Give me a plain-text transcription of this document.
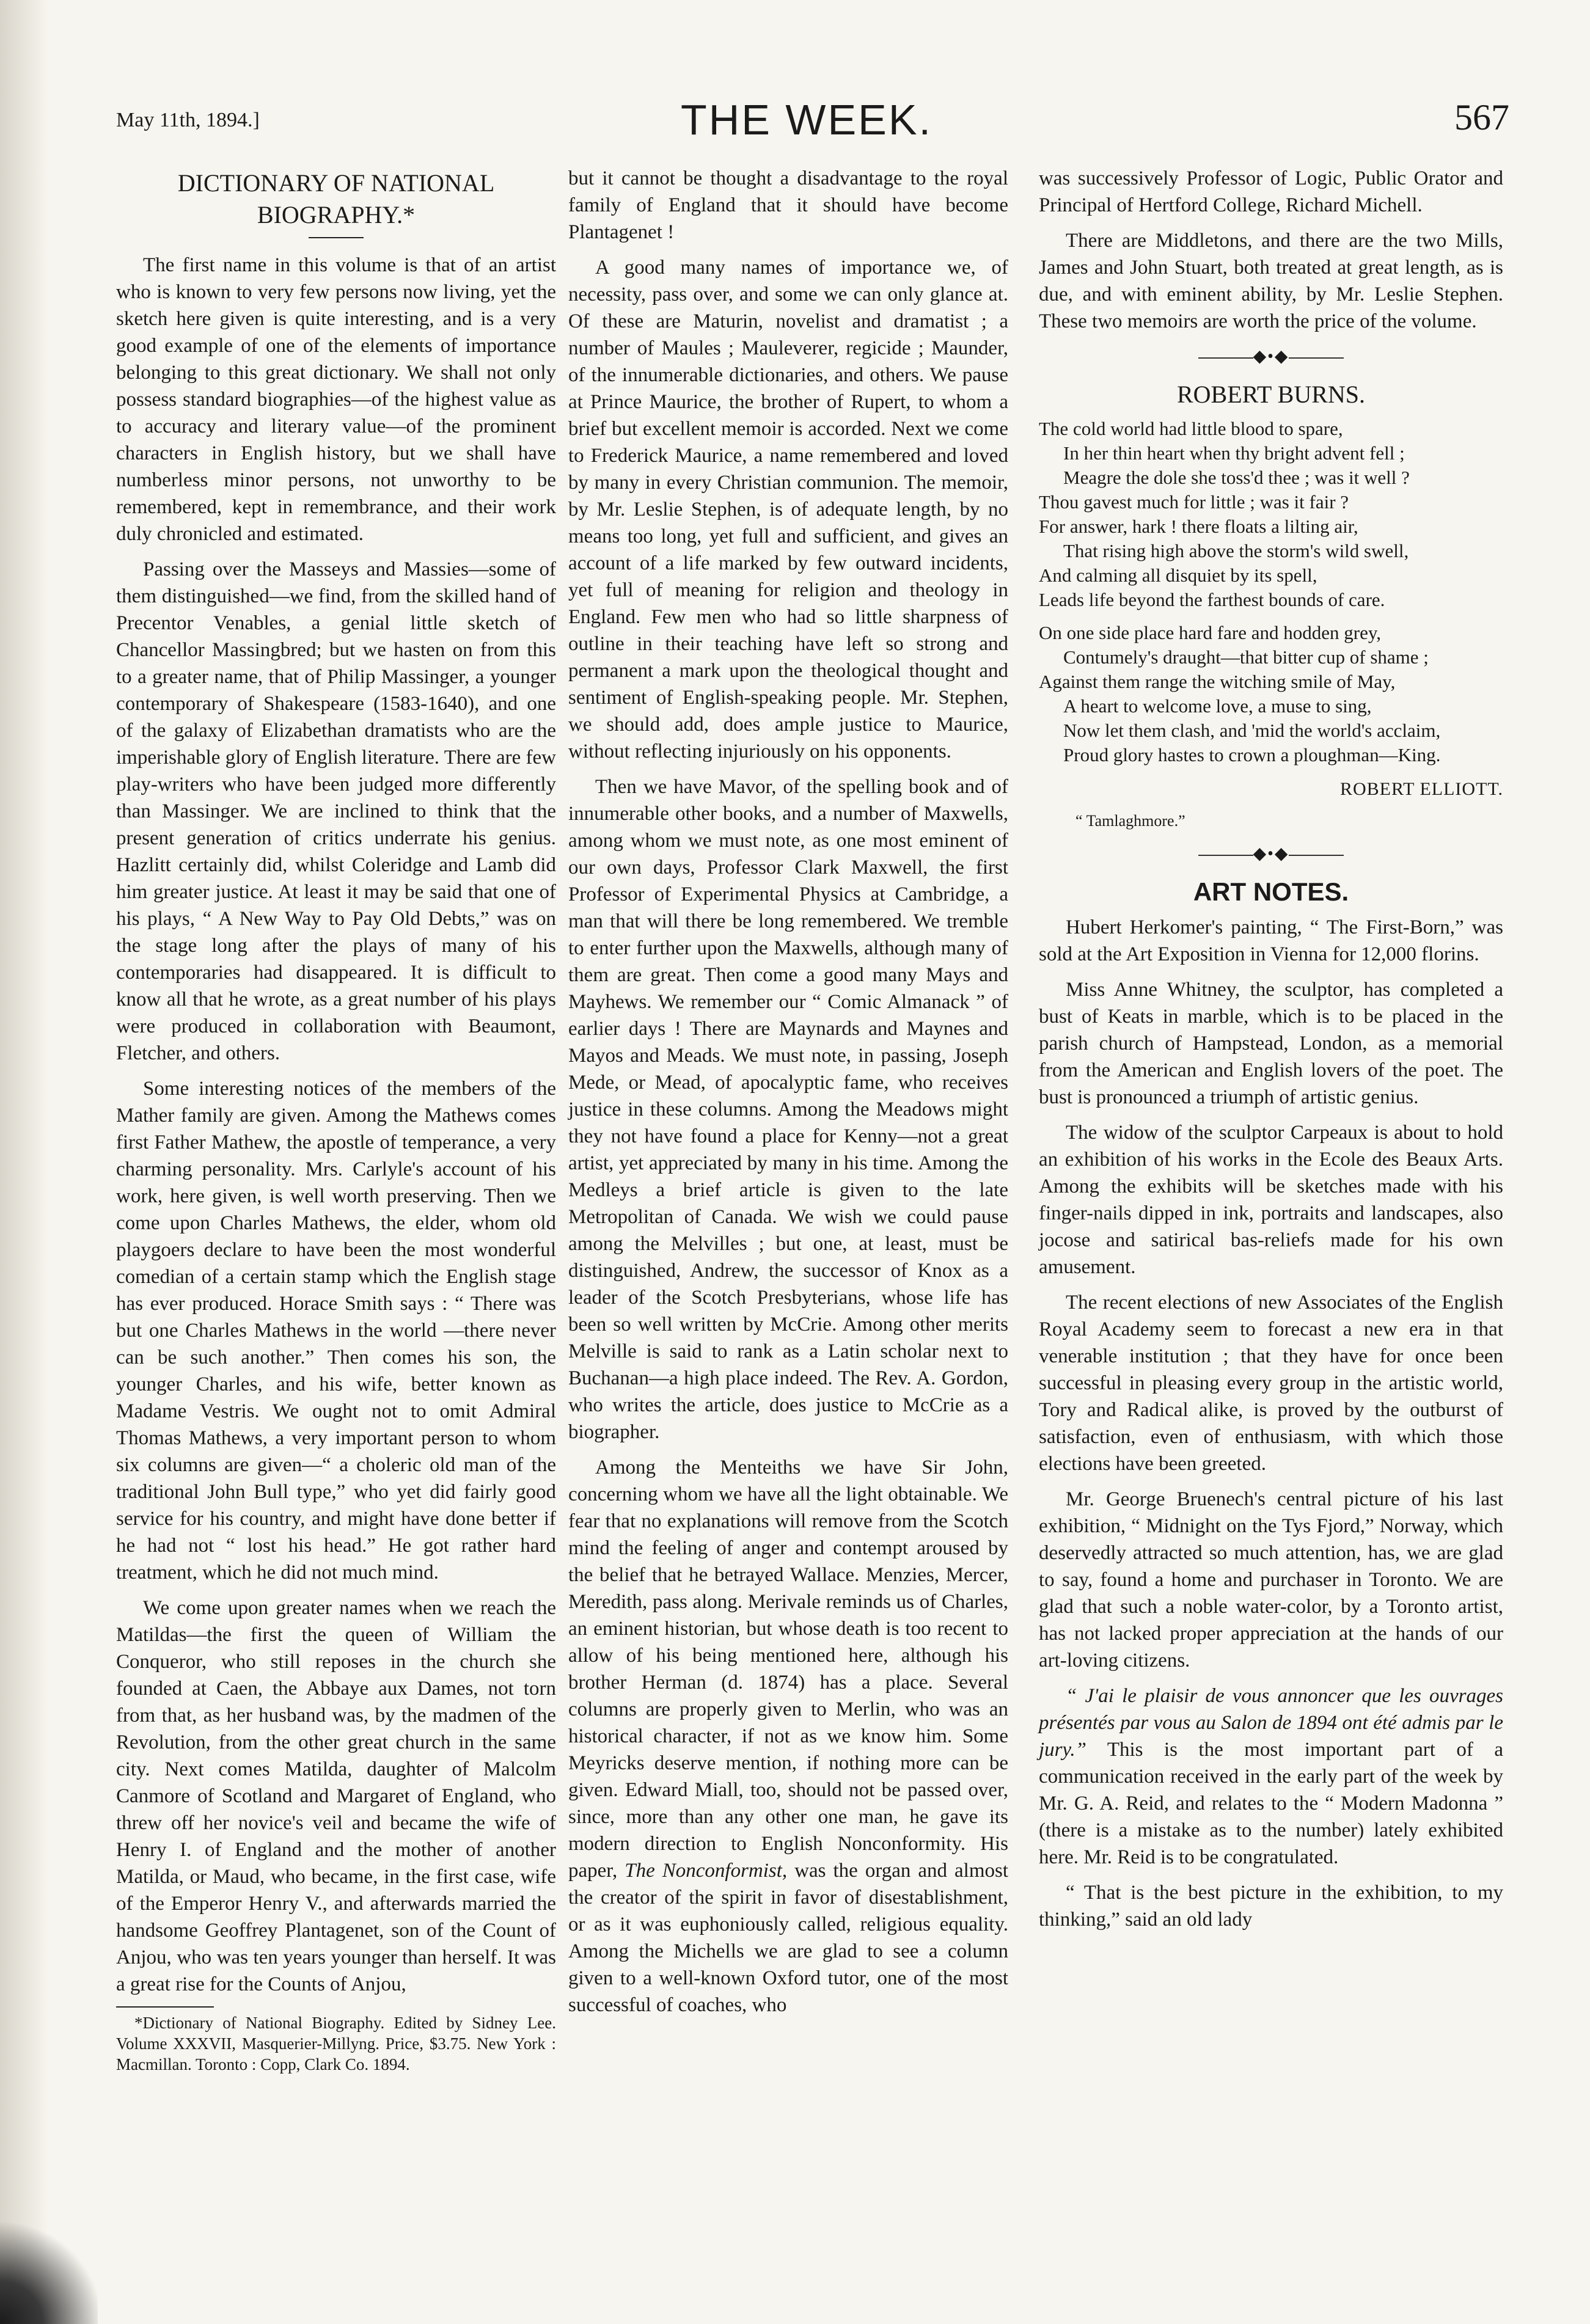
May 11th, 1894.]	THE WEEK.	567
DICTIONARY OF NATIONAL
BIOGRAPHY.*

The first name in this volume is that of an artist who is known to very few persons now living, yet the sketch here given is quite interesting, and is a very good example of one of the elements of importance belonging to this great dictionary. We shall not only possess standard biographies—of the highest value as to accuracy and literary value—of the prominent characters in English history, but we shall have numberless minor persons, not unworthy to be remembered, kept in remembrance, and their work duly chronicled and estimated.

Passing over the Masseys and Massies—some of them distinguished—we find, from the skilled hand of Precentor Venables, a genial little sketch of Chancellor Massingbred; but we hasten on from this to a greater name, that of Philip Massinger, a younger contemporary of Shakespeare (1583-1640), and one of the galaxy of Elizabethan dramatists who are the imperishable glory of English literature. There are few play-writers who have been judged more differently than Massinger. We are inclined to think that the present generation of critics underrate his genius. Hazlitt certainly did, whilst Coleridge and Lamb did him greater justice. At least it may be said that one of his plays, “ A New Way to Pay Old Debts,” was on the stage long after the plays of many of his contemporaries had disappeared. It is difficult to know all that he wrote, as a great number of his plays were produced in collaboration with Beaumont, Fletcher, and others.

Some interesting notices of the members of the Mather family are given. Among the Mathews comes first Father Mathew, the apostle of temperance, a very charming personality. Mrs. Carlyle's account of his work, here given, is well worth preserving. Then we come upon Charles Mathews, the elder, whom old playgoers declare to have been the most wonderful comedian of a certain stamp which the English stage has ever produced. Horace Smith says : “ There was but one Charles Mathews in the world —there never can be such another.” Then comes his son, the younger Charles, and his wife, better known as Madame Vestris. We ought not to omit Admiral Thomas Mathews, a very important person to whom six columns are given—“ a choleric old man of the traditional John Bull type,” who yet did fairly good service for his country, and might have done better if he had not “ lost his head.” He got rather hard treatment, which he did not much mind.

We come upon greater names when we reach the Matildas—the first the queen of William the Conqueror, who still reposes in the church she founded at Caen, the Abbaye aux Dames, not torn from that, as her husband was, by the madmen of the Revolution, from the other great church in the same city. Next comes Matilda, daughter of Malcolm Canmore of Scotland and Margaret of England, who threw off her novice's veil and became the wife of Henry I. of England and the mother of another Matilda, or Maud, who became, in the first case, wife of the Emperor Henry V., and afterwards married the handsome Geoffrey Plantagenet, son of the Count of Anjou, who was ten years younger than herself. It was a great rise for the Counts of Anjou,

*Dictionary of National Biography. Edited by Sidney Lee. Volume XXXVII, Masquerier-Millyng. Price, $3.75. New York : Macmillan. Toronto : Copp, Clark Co. 1894.

but it cannot be thought a disadvantage to the royal family of England that it should have become Plantagenet !

A good many names of importance we, of necessity, pass over, and some we can only glance at. Of these are Maturin, novelist and dramatist ; a number of Maules ; Mauleverer, regicide ; Maunder, of the innumerable dictionaries, and others. We pause at Prince Maurice, the brother of Rupert, to whom a brief but excellent memoir is accorded. Next we come to Frederick Maurice, a name remembered and loved by many in every Christian communion. The memoir, by Mr. Leslie Stephen, is of adequate length, by no means too long, yet full and sufficient, and gives an account of a life marked by few outward incidents, yet full of meaning for religion and theology in England. Few men who had so little sharpness of outline in their teaching have left so strong and permanent a mark upon the theological thought and sentiment of English-speaking people. Mr. Stephen, we should add, does ample justice to Maurice, without reflecting injuriously on his opponents.

Then we have Mavor, of the spelling book and of innumerable other books, and a number of Maxwells, among whom we must note, as one most eminent of our own days, Professor Clark Maxwell, the first Professor of Experimental Physics at Cambridge, a man that will there be long remembered. We tremble to enter further upon the Maxwells, although many of them are great. Then come a good many Mays and Mayhews. We remember our “ Comic Almanack ” of earlier days ! There are Maynards and Maynes and Mayos and Meads. We must note, in passing, Joseph Mede, or Mead, of apocalyptic fame, who receives justice in these columns. Among the Meadows might they not have found a place for Kenny—not a great artist, yet appreciated by many in his time. Among the Medleys a brief article is given to the late Metropolitan of Canada. We wish we could pause among the Melvilles ; but one, at least, must be distinguished, Andrew, the successor of Knox as a leader of the Scotch Presbyterians, whose life has been so well written by McCrie. Among other merits Melville is said to rank as a Latin scholar next to Buchanan—a high place indeed. The Rev. A. Gordon, who writes the article, does justice to McCrie as a biographer.

Among the Menteiths we have Sir John, concerning whom we have all the light obtainable. We fear that no explanations will remove from the Scotch mind the feeling of anger and contempt aroused by the belief that he betrayed Wallace. Menzies, Mercer, Meredith, pass along. Merivale reminds us of Charles, an eminent historian, but whose death is too recent to allow of his being mentioned here, although his brother Herman (d. 1874) has a place. Several columns are properly given to Merlin, who was an historical character, if not as we know him. Some Meyricks deserve mention, if nothing more can be given. Edward Miall, too, should not be passed over, since, more than any other one man, he gave its modern direction to English Nonconformity. His paper, The Nonconformist, was the organ and almost the creator of the spirit in favor of disestablishment, or as it was euphoniously called, religious equality. Among the Michells we are glad to see a column given to a well-known Oxford tutor, one of the most successful of coaches, who

was successively Professor of Logic, Public Orator and Principal of Hertford College, Richard Michell.

There are Middletons, and there are the two Mills, James and John Stuart, both treated at great length, as is due, and with eminent ability, by Mr. Leslie Stephen. These two memoirs are worth the price of the volume.

◆•◆
ROBERT BURNS.
The cold world had little blood to spare,
In her thin heart when thy bright advent fell ;
Meagre the dole she toss'd thee ; was it well ?
Thou gavest much for little ; was it fair ?
For answer, hark ! there floats a lilting air,
That rising high above the storm's wild swell,
And calming all disquiet by its spell,
Leads life beyond the farthest bounds of care.
On one side place hard fare and hodden grey,
Contumely's draught—that bitter cup of shame ;
Against them range the witching smile of May,
A heart to welcome love, a muse to sing,
Now let them clash, and 'mid the world's acclaim,
Proud glory hastes to crown a ploughman—King.
ROBERT ELLIOTT.
“ Tamlaghmore.”
◆•◆
ART NOTES.

Hubert Herkomer's painting, “ The First-Born,” was sold at the Art Exposition in Vienna for 12,000 florins.

Miss Anne Whitney, the sculptor, has completed a bust of Keats in marble, which is to be placed in the parish church of Hampstead, London, as a memorial from the American and English lovers of the poet. The bust is pronounced a triumph of artistic genius.

The widow of the sculptor Carpeaux is about to hold an exhibition of his works in the Ecole des Beaux Arts. Among the exhibits will be sketches made with his finger-nails dipped in ink, portraits and landscapes, also jocose and satirical bas-reliefs made for his own amusement.

The recent elections of new Associates of the English Royal Academy seem to forecast a new era in that venerable institution ; that they have for once been successful in pleasing every group in the artistic world, Tory and Radical alike, is proved by the outburst of satisfaction, even of enthusiasm, with which those elections have been greeted.

Mr. George Bruenech's central picture of his last exhibition, “ Midnight on the Tys Fjord,” Norway, which deservedly attracted so much attention, has, we are glad to say, found a home and purchaser in Toronto. We are glad that such a noble water-color, by a Toronto artist, has not lacked proper appreciation at the hands of our art-loving citizens.

“ J'ai le plaisir de vous annoncer que les ouvrages présentés par vous au Salon de 1894 ont été admis par le jury.” This is the most important part of a communication received in the early part of the week by Mr. G. A. Reid, and relates to the “ Modern Madonna ” (there is a mistake as to the number) lately exhibited here. Mr. Reid is to be congratulated.

“ That is the best picture in the exhibition, to my thinking,” said an old lady
